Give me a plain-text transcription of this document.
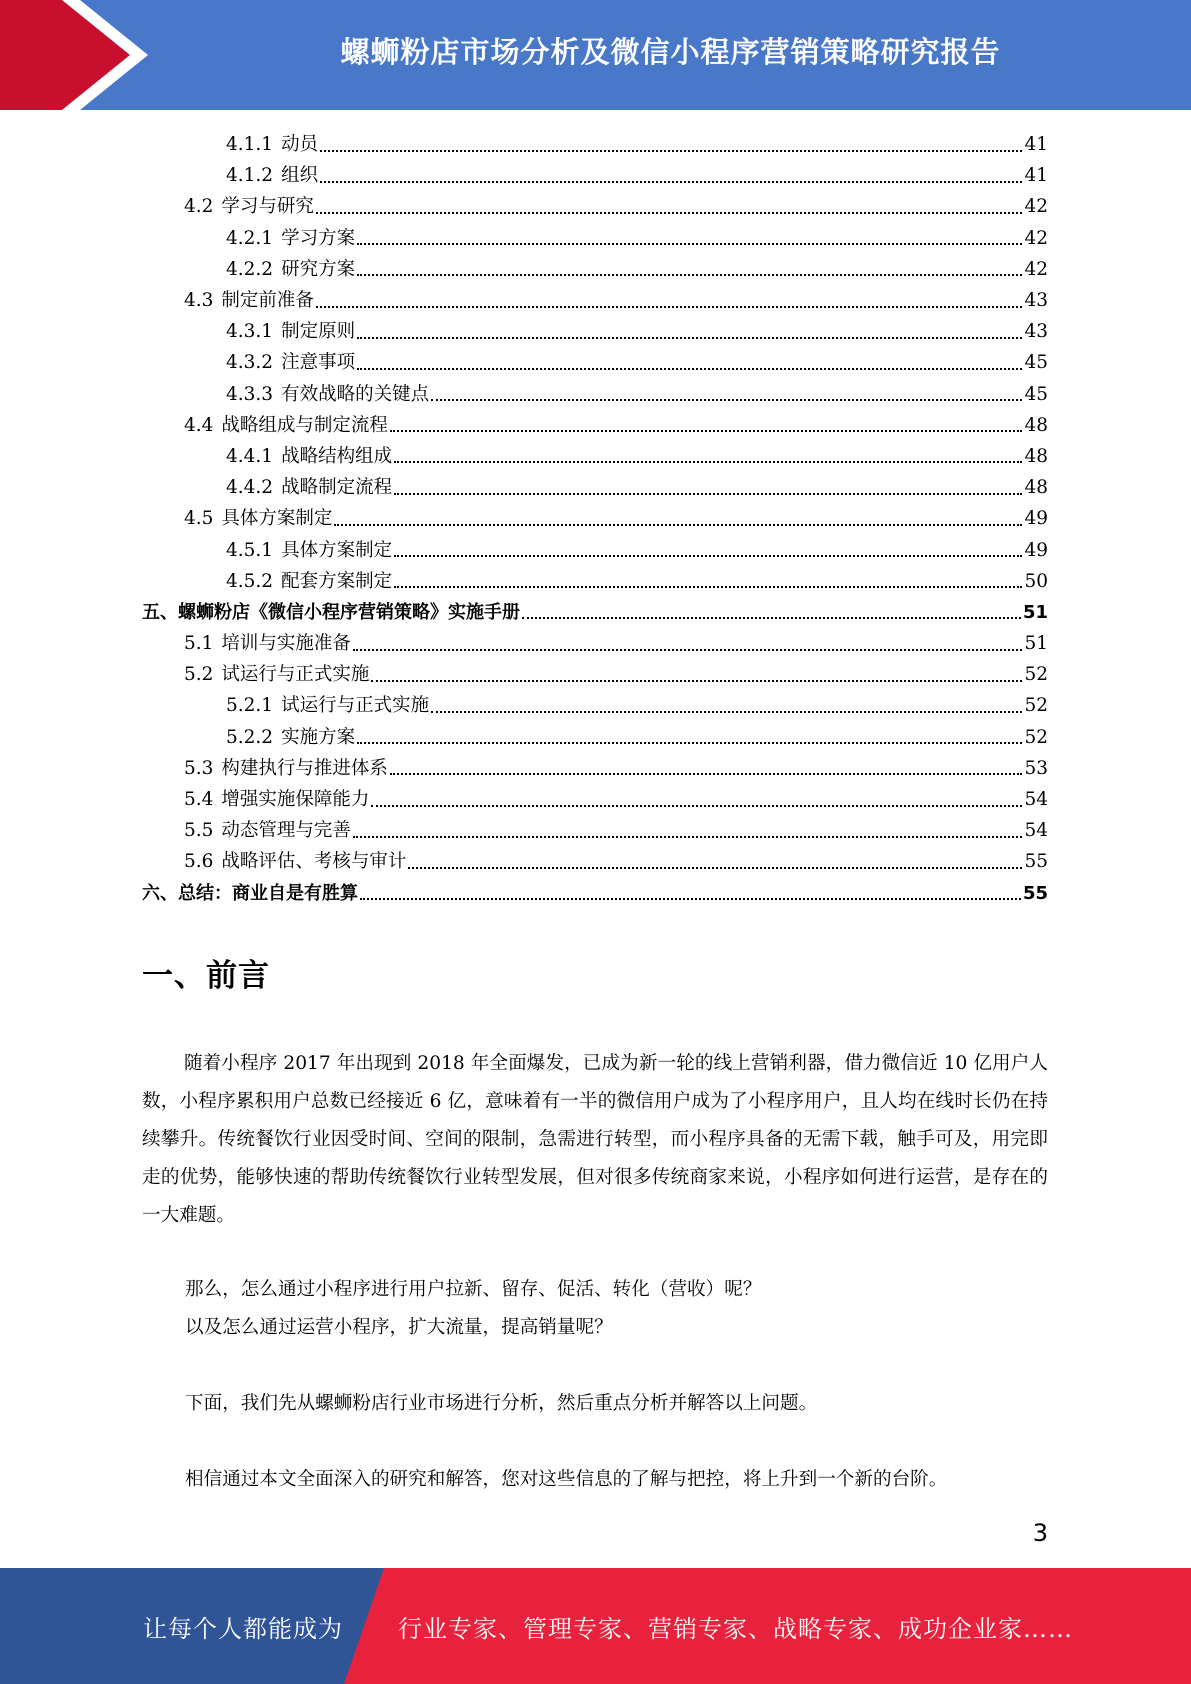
螺蛳粉店市场分析及微信小程序营销策略研究报告
4.1.1 动员	41
4.1.2 组织	41
4.2 学习与研究	42
4.2.1 学习方案	42
4.2.2 研究方案	42
4.3 制定前准备	43
4.3.1 制定原则	43
4.3.2 注意事项	45
4.3.3 有效战略的关键点	45
4.4 战略组成与制定流程	48
4.4.1 战略结构组成	48
4.4.2 战略制定流程	48
4.5 具体方案制定	49
4.5.1 具体方案制定	49
4.5.2 配套方案制定	50
五、 螺蛳粉店《微信小程序营销策略》实施手册	51
5.1 培训与实施准备	51
5.2 试运行与正式实施	52
5.2.1 试运行与正式实施	52
5.2.2 实施方案	52
5.3 构建执行与推进体系	53
5.4 增强实施保障能力	54
5.5 动态管理与完善	54
5.6 战略评估、考核与审计	55
六、 总结：商业自是有胜算	55
一、前言
随着小程序 2017 年出现到 2018 年全面爆发，已成为新一轮的线上营销利器，借力微信近 10 亿用户人数，小程序累积用户总数已经接近 6 亿，意味着有一半的微信用户成为了小程序用户，且人均在线时长仍在持续攀升。传统餐饮行业因受时间、空间的限制，急需进行转型，而小程序具备的无需下载，触手可及，用完即走的优势，能够快速的帮助传统餐饮行业转型发展，但对很多传统商家来说，小程序如何进行运营，是存在的一大难题。
那么，怎么通过小程序进行用户拉新、留存、促活、转化（营收）呢？
以及怎么通过运营小程序，扩大流量，提高销量呢？
下面，我们先从螺蛳粉店行业市场进行分析，然后重点分析并解答以上问题。
相信通过本文全面深入的研究和解答，您对这些信息的了解与把控，将上升到一个新的台阶。
3
让每个人都能成为 行业专家、管理专家、营销专家、战略专家、成功企业家……
